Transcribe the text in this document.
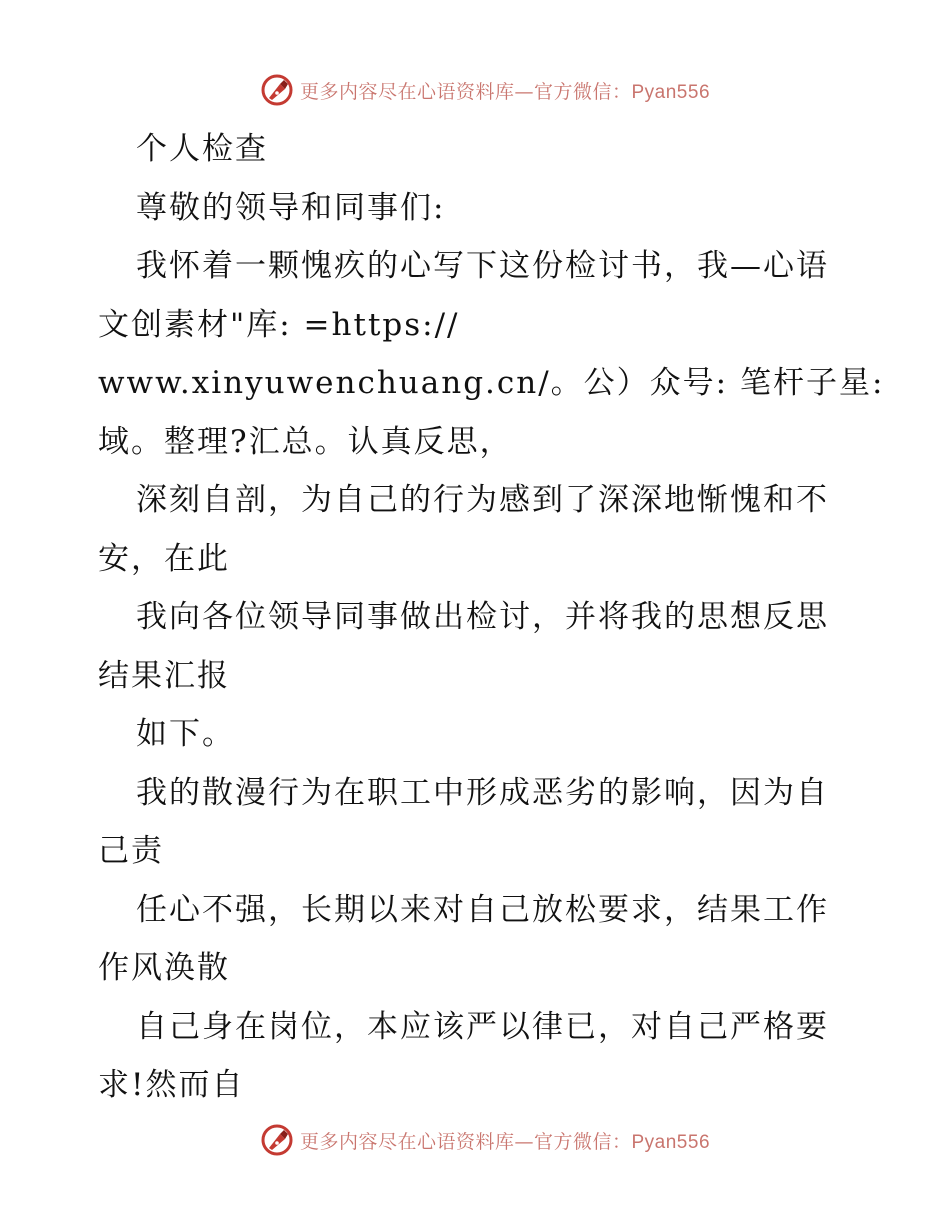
更多内容尽在心语资料库—官方微信：Pyan556
个人检查
尊敬的领导和同事们:
我怀着一颗愧疚的心写下这份检讨书，我—心语
文创素材"库: =https://
www.xinyuwenchuang.cn/。公）众号: 笔杆子星:
域。整理?汇总。认真反思，
深刻自剖，为自己的行为感到了深深地惭愧和不
安，在此
我向各位领导同事做出检讨，并将我的思想反思
结果汇报
如下。
我的散漫行为在职工中形成恶劣的影响，因为自
己责
任心不强，长期以来对自己放松要求，结果工作
作风涣散
自己身在岗位，本应该严以律已，对自己严格要
求!然而自
更多内容尽在心语资料库—官方微信：Pyan556
